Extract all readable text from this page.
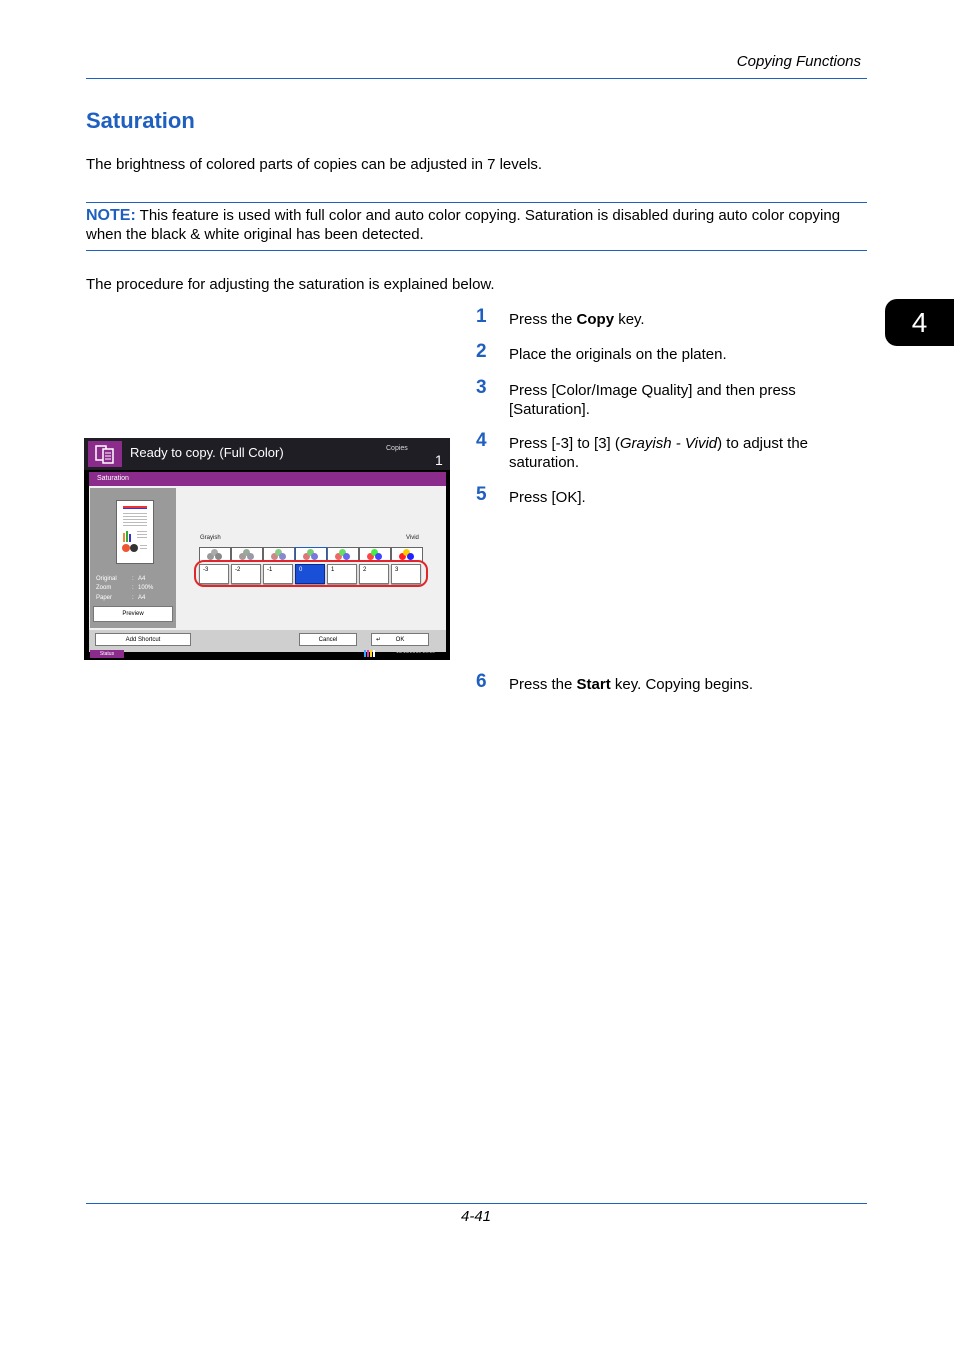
Copying Functions
Saturation
The brightness of colored parts of copies can be adjusted in 7 levels.
NOTE: This feature is used with full color and auto color copying. Saturation is disabled during auto color copying when the black & white original has been detected.
The procedure for adjusting the saturation is explained below.
4
1 Press the Copy key.
2 Place the originals on the platen.
3 Press [Color/Image Quality] and then press [Saturation].
4 Press [-3] to [3] (Grayish - Vivid) to adjust the saturation.
5 Press [OK].
6 Press the Start key. Copying begins.
Ready to copy. (Full Color)	Copies
1
Saturation
Original	: A4
Zoom	: 100%
Paper	: A4
Preview
Grayish	Vivid
-3	-2	-1	0	1	2	3
Add Shortcut	Cancel	↵ OK
Status	10/10/2010 10:10
4-41
